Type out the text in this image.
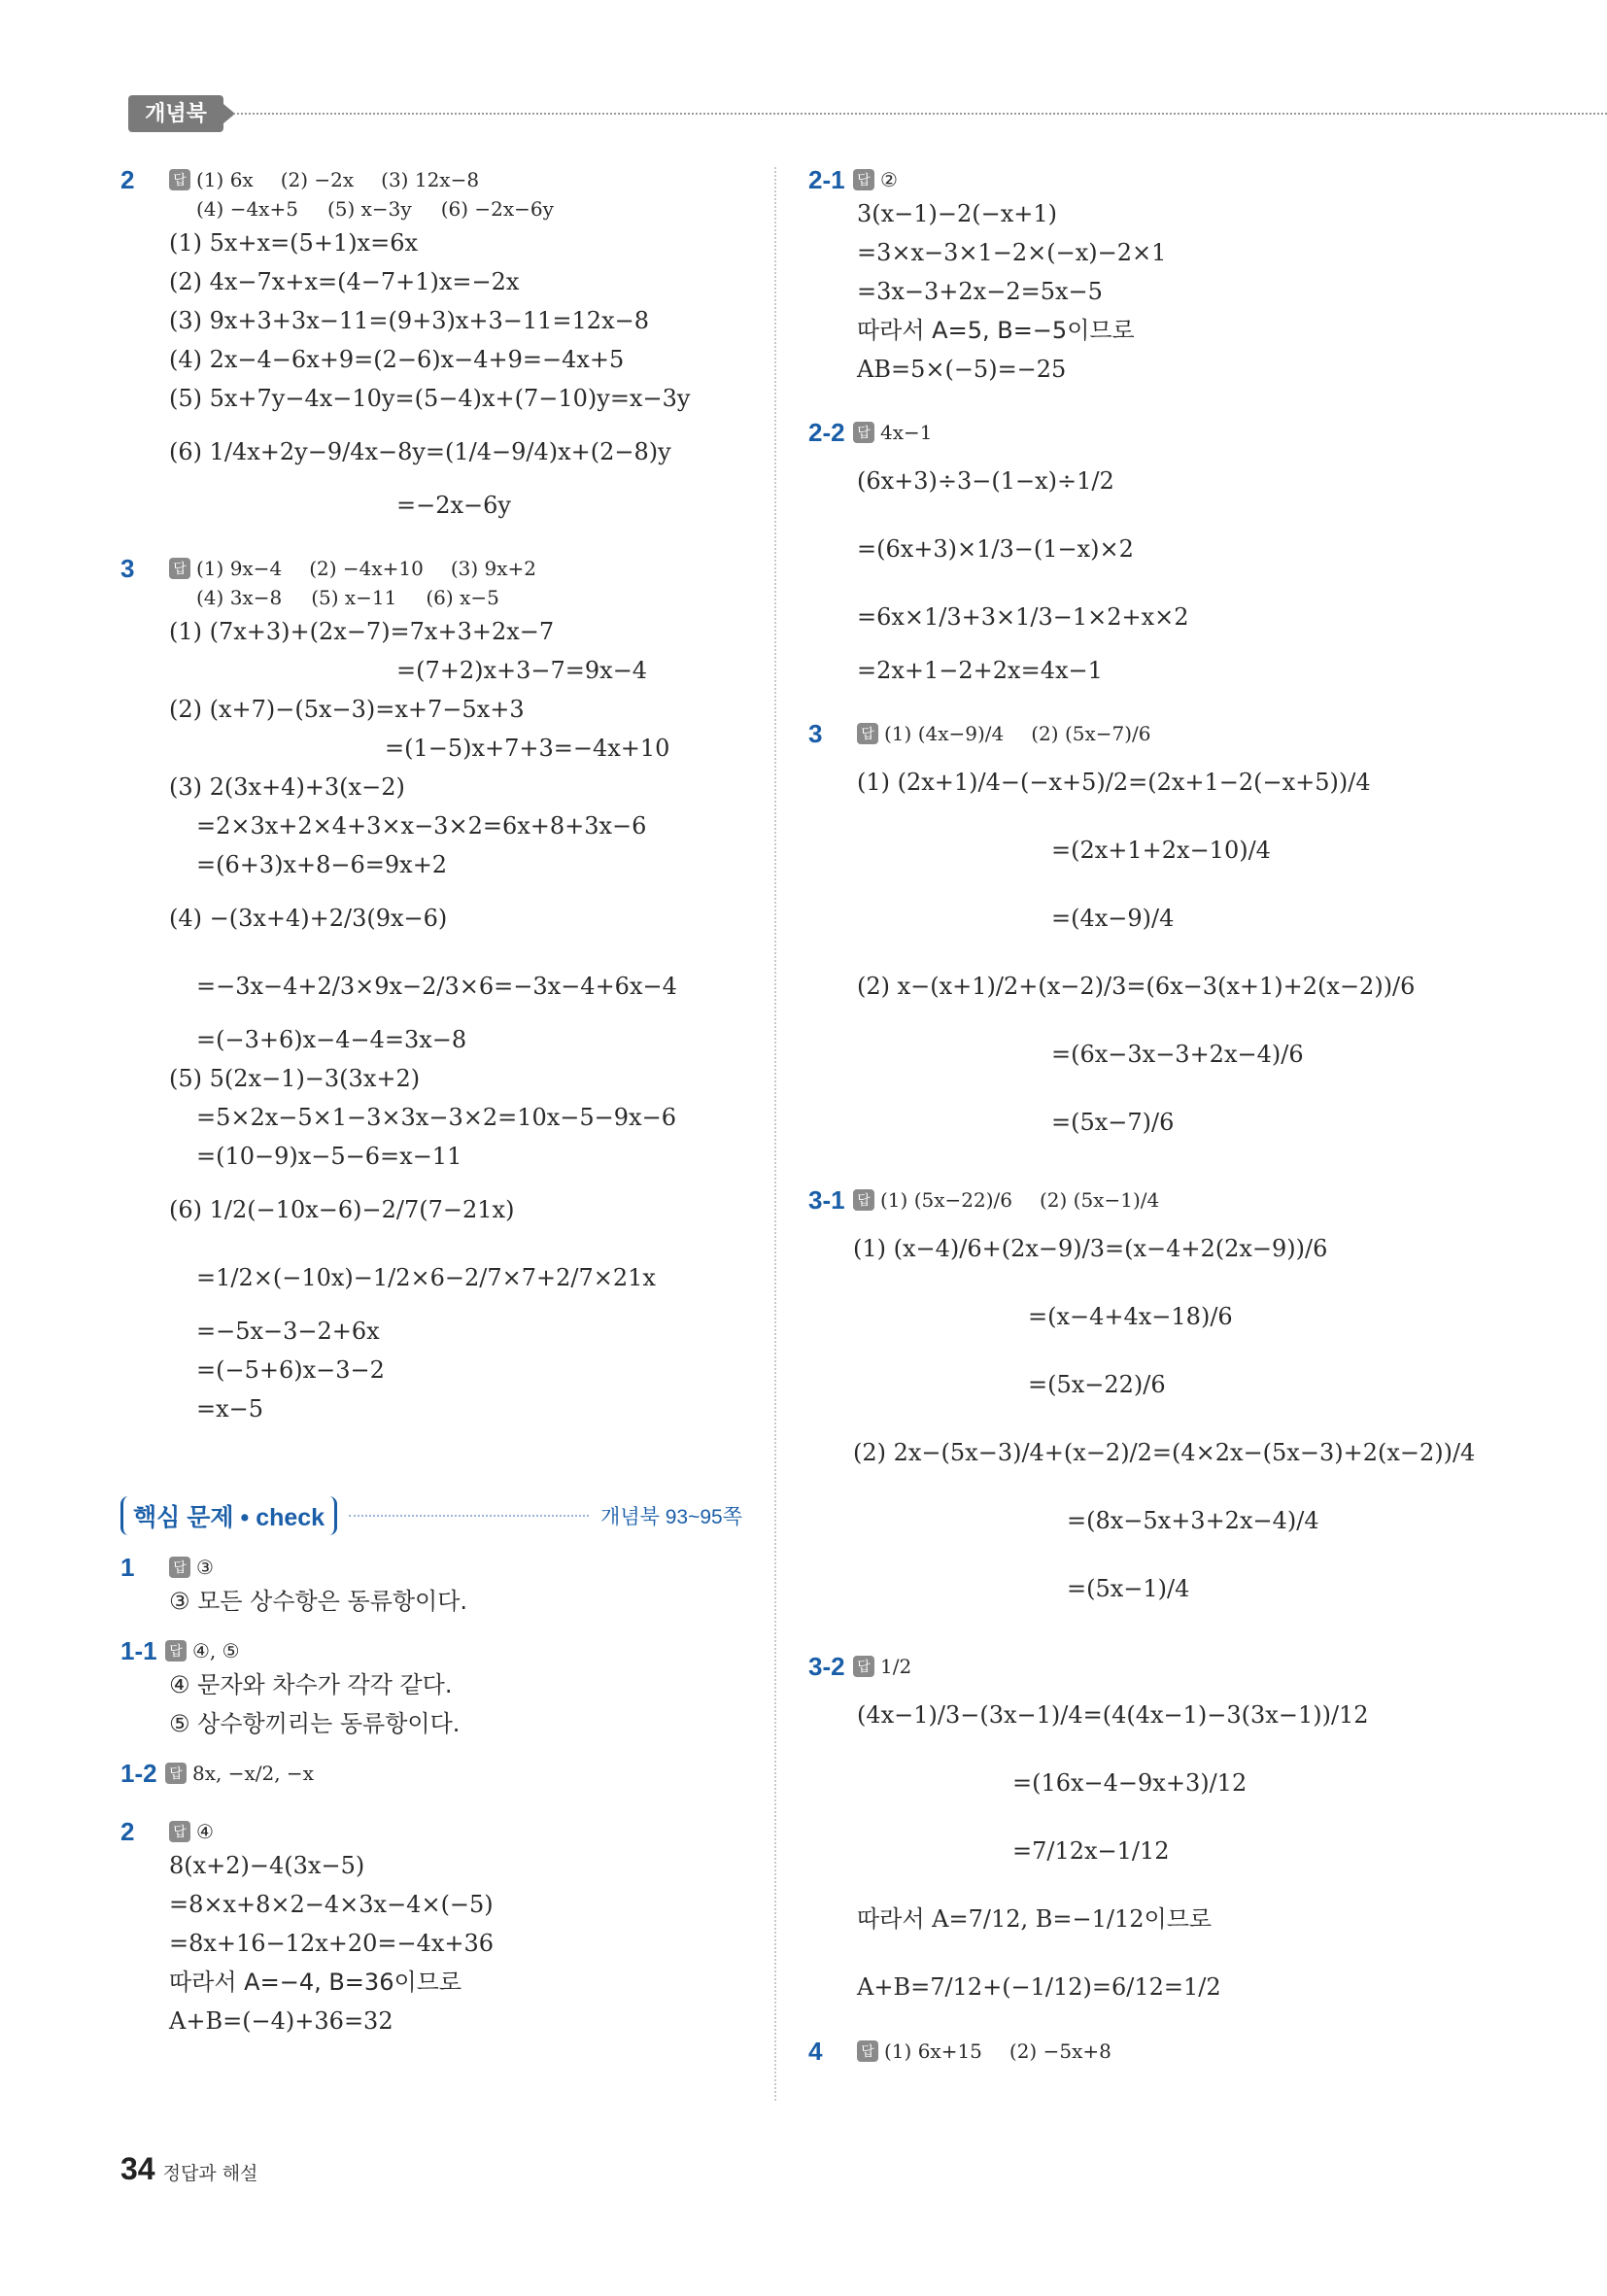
개념북
2	답 (1) 6x (2) −2x (3) 12x−8
(4) −4x+5 (5) x−3y (6) −2x−6y
(1) 5x+x=(5+1)x=6x
(2) 4x−7x+x=(4−7+1)x=−2x
(3) 9x+3+3x−11=(9+3)x+3−11=12x−8
(4) 2x−4−6x+9=(2−6)x−4+9=−4x+5
(5) 5x+7y−4x−10y=(5−4)x+(7−10)y=x−3y
(6) 1/4x+2y−9/4x−8y=(1/4−9/4)x+(2−8)y
=−2x−6y
3	답 (1) 9x−4 (2) −4x+10 (3) 9x+2
(4) 3x−8 (5) x−11 (6) x−5
(1) (7x+3)+(2x−7)=7x+3+2x−7
=(7+2)x+3−7=9x−4
(2) (x+7)−(5x−3)=x+7−5x+3
=(1−5)x+7+3=−4x+10
(3) 2(3x+4)+3(x−2)
=2×3x+2×4+3×x−3×2=6x+8+3x−6
=(6+3)x+8−6=9x+2
(4) −(3x+4)+2/3(9x−6)
=−3x−4+2/3×9x−2/3×6=−3x−4+6x−4
=(−3+6)x−4−4=3x−8
(5) 5(2x−1)−3(3x+2)
=5×2x−5×1−3×3x−3×2=10x−5−9x−6
=(10−9)x−5−6=x−11
(6) 1/2(−10x−6)−2/7(7−21x)
=1/2×(−10x)−1/2×6−2/7×7+2/7×21x
=−5x−3−2+6x
=(−5+6)x−3−2
=x−5
핵심 문제 • check	개념북 93~95쪽
1	답 ③
③ 모든 상수항은 동류항이다.
1-1 답 ④, ⑤
④ 문자와 차수가 각각 같다.
⑤ 상수항끼리는 동류항이다.
1-2 답 8x, −x/2, −x
2	답 ④
8(x+2)−4(3x−5)
=8×x+8×2−4×3x−4×(−5)
=8x+16−12x+20=−4x+36
따라서 A=−4, B=36이므로
A+B=(−4)+36=32
2-1 답 ②
3(x−1)−2(−x+1)
=3×x−3×1−2×(−x)−2×1
=3x−3+2x−2=5x−5
따라서 A=5, B=−5이므로
AB=5×(−5)=−25
2-2 답 4x−1
(6x+3)÷3−(1−x)÷1/2
=(6x+3)×1/3−(1−x)×2
=6x×1/3+3×1/3−1×2+x×2
=2x+1−2+2x=4x−1
3	답 (1) (4x−9)/4 (2) (5x−7)/6
(1) (2x+1)/4−(−x+5)/2=(2x+1−2(−x+5))/4
=(2x+1+2x−10)/4
=(4x−9)/4
(2) x−(x+1)/2+(x−2)/3=(6x−3(x+1)+2(x−2))/6
=(6x−3x−3+2x−4)/6
=(5x−7)/6
3-1 답 (1) (5x−22)/6 (2) (5x−1)/4
(1) (x−4)/6+(2x−9)/3=(x−4+2(2x−9))/6
=(x−4+4x−18)/6
=(5x−22)/6
(2) 2x−(5x−3)/4+(x−2)/2=(4×2x−(5x−3)+2(x−2))/4
=(8x−5x+3+2x−4)/4
=(5x−1)/4
3-2 답 1/2
(4x−1)/3−(3x−1)/4=(4(4x−1)−3(3x−1))/12
=(16x−4−9x+3)/12
=7/12x−1/12
따라서 A=7/12, B=−1/12이므로
A+B=7/12+(−1/12)=6/12=1/2
4	답 (1) 6x+15 (2) −5x+8
34 정답과 해설
